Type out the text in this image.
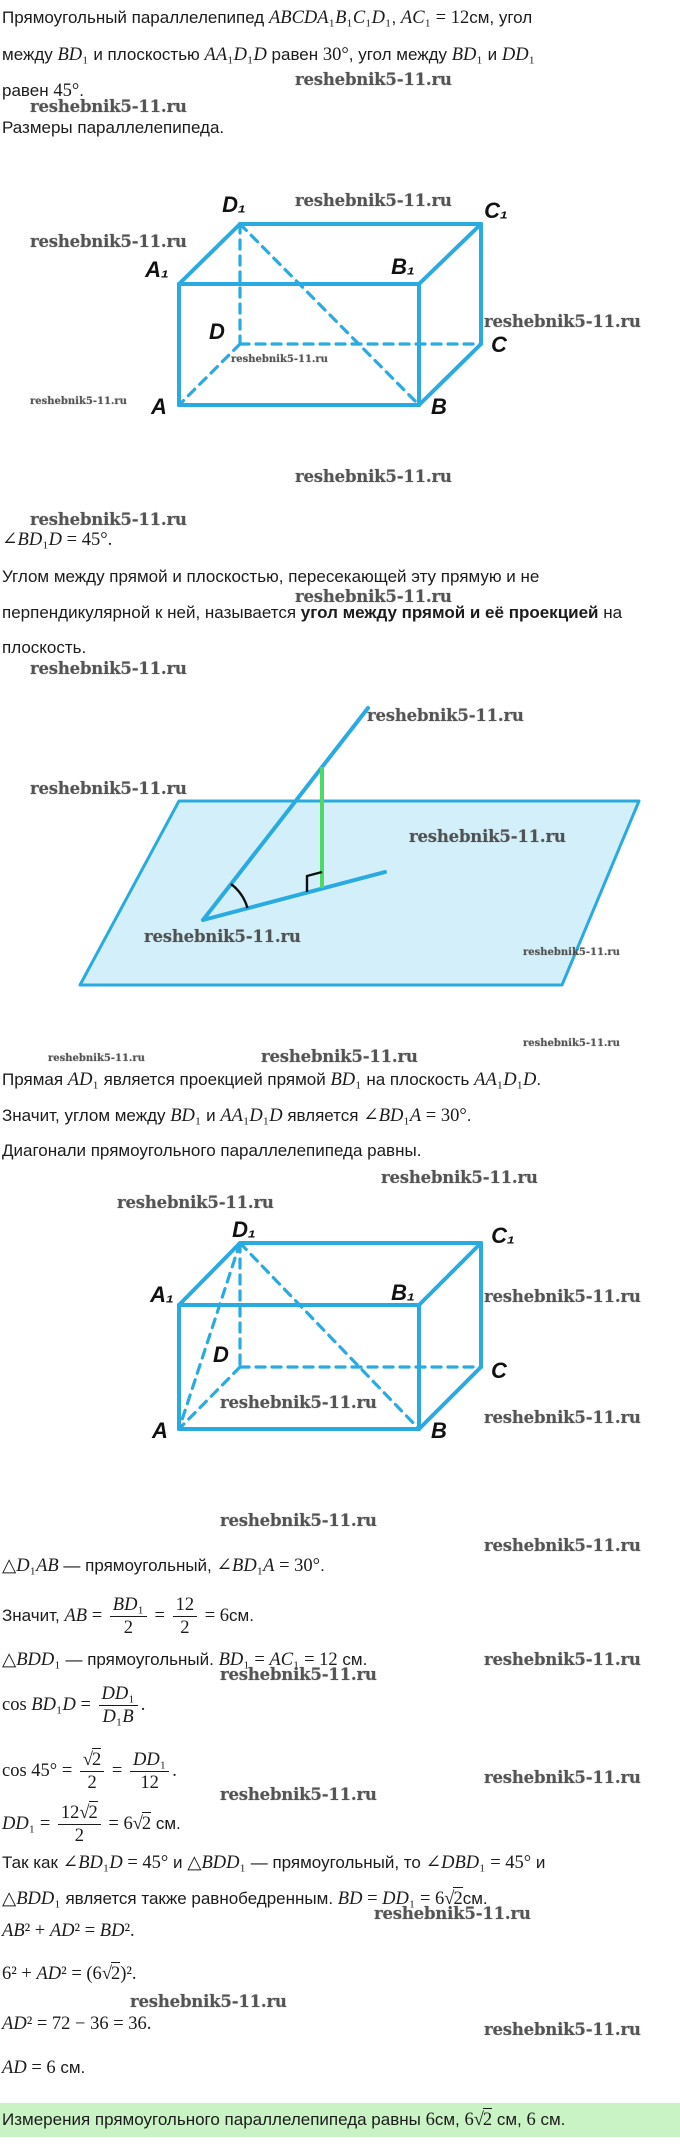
D₁	C₁
A₁	B₁
D
C
A	B
D₁	C₁
A₁	B₁
D
C
A	B
Прямоугольный параллелепипед ABCDA₁B₁C₁D₁, AC₁ = 12см, угол
между BD₁ и плоскостью AA₁D₁D равен 30°, угол между BD₁ и DD₁
равен 45°.
Размеры параллелепипеда.
∠BD₁D = 45°.
Углом между прямой и плоскостью, пересекающей эту прямую и не
перпендикулярной к ней, называется угол между прямой и её проекцией на
плоскость.
Прямая AD₁ является проекцией прямой BD₁ на плоскость AA₁D₁D.
Значит, углом между BD₁ и AA₁D₁D является ∠BD₁A = 30°.
Диагонали прямоугольного параллелепипеда равны.
△D₁AB — прямоугольный, ∠BD₁A = 30°.
Значит, AB = $\frac{\text{BD₁}}{2} = \frac{12}{2} = 6см$.
△BDD₁ — прямоугольный. BD₁ = AC₁ = 12 см.
$\cos BD_1D = \frac{\text{DD₁}}{\text{D₁B}}$ .
$\cos 45^\circ = \frac{√2}{2} = \frac{\text{DD₁}}{12}$ .
$DD_1 = \frac{12√2}{2} = 6√2$ см.
Так как ∠BD₁D = 45° и △BDD₁ — прямоугольный, то ∠DBD₁ = 45° и
△BDD₁ является также равнобедренным. BD = DD₁ = 6√2см.
AB² + AD² = BD².
6² + AD² = (6√2)².
AD² = 72 − 36 = 36.
AD = 6 см.
Измерения прямоугольного параллелепипеда равны 6см, 6√2 см, 6 см.
reshebnik5-11.ru
reshebnik5-11.ru
reshebnik5-11.ru
reshebnik5-11.ru
reshebnik5-11.ru
reshebnik5-11.ru
reshebnik5-11.ru
reshebnik5-11.ru
reshebnik5-11.ru
reshebnik5-11.ru
reshebnik5-11.ru
reshebnik5-11.ru
reshebnik5-11.ru
reshebnik5-11.ru
reshebnik5-11.ru
reshebnik5-11.ru
reshebnik5-11.ru
reshebnik5-11.ru
reshebnik5-11.ru
reshebnik5-11.ru
reshebnik5-11.ru
reshebnik5-11.ru
reshebnik5-11.ru
reshebnik5-11.ru
reshebnik5-11.ru
reshebnik5-11.ru
reshebnik5-11.ru
reshebnik5-11.ru
reshebnik5-11.ru
reshebnik5-11.ru
reshebnik5-11.ru
reshebnik5-11.ru
reshebnik5-11.ru
